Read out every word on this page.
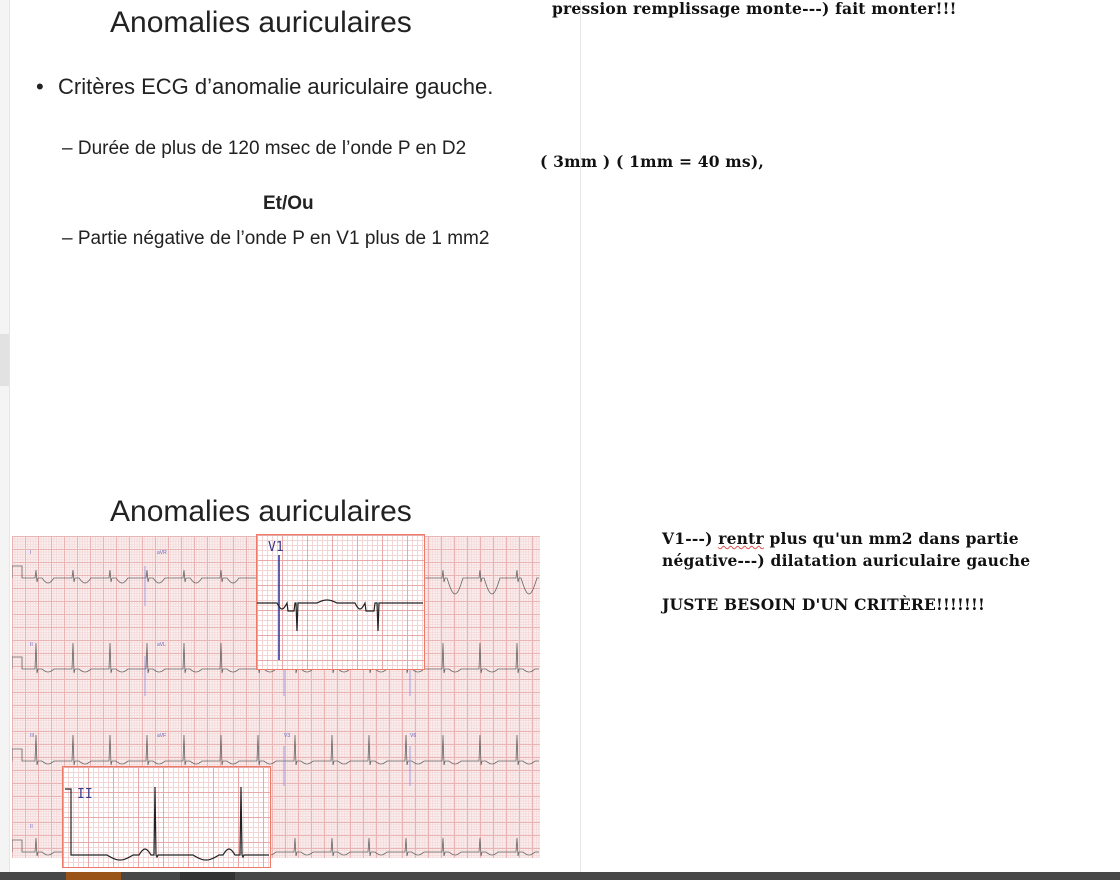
Anomalies auriculaires
• Critères ECG d’anomalie auriculaire gauche.
– Durée de plus de 120 msec de l’onde P en D2
Et/Ou
– Partie négative de l’onde P en V1 plus de 1 mm2
pression remplissage monte---) fait monter!!!
( 3mm ) ( 1mm = 40 ms),
Anomalies auriculaires
I	aVR
II	aVL
III	aVF	V3	V6
II
V1
II
V1---) rentr plus qu'un mm2 dans partie
négative---) dilatation auriculaire gauche
JUSTE BESOIN D'UN CRITÈRE!!!!!!!
